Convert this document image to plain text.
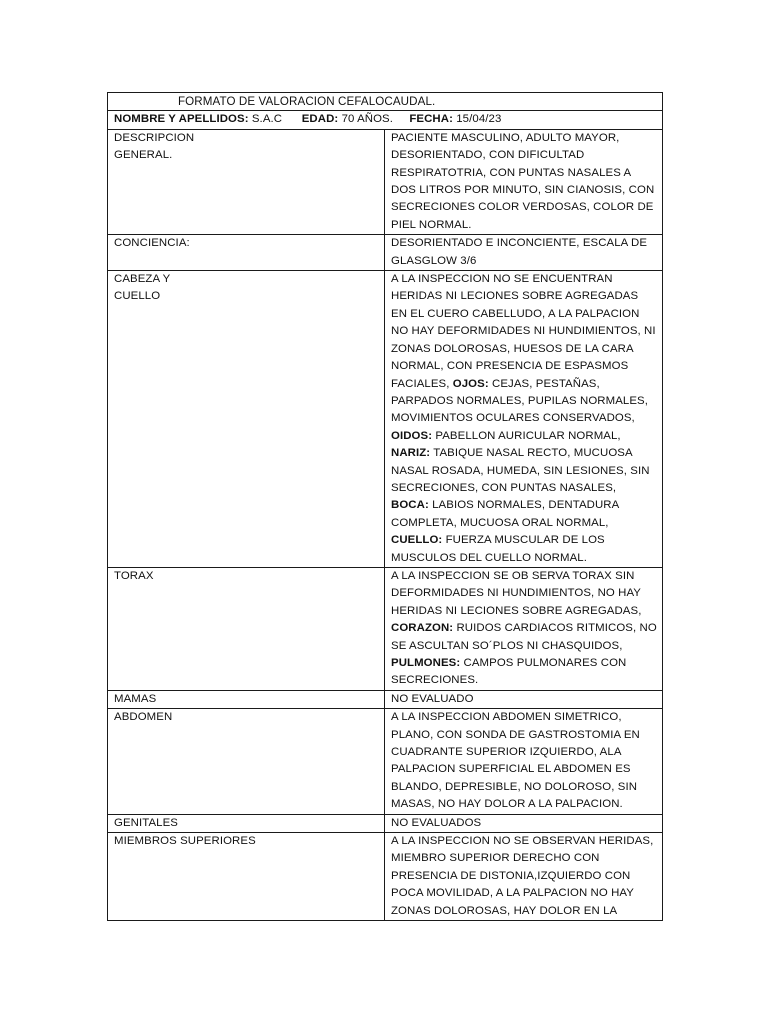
FORMATO DE VALORACION CEFALOCAUDAL.	
NOMBRE Y APELLIDOS: S.A.C EDAD: 70 AÑOS. FECHA: 15/04/23	
DESCRIPCION
GENERAL.	PACIENTE MASCULINO, ADULTO MAYOR, DESORIENTADO, CON DIFICULTAD RESPIRATOTRIA, CON PUNTAS NASALES A DOS LITROS POR MINUTO, SIN CIANOSIS, CON SECRECIONES COLOR VERDOSAS, COLOR DE PIEL NORMAL.
CONCIENCIA:	DESORIENTADO E INCONCIENTE, ESCALA DE GLASGLOW 3/6
CABEZA Y
CUELLO	A LA INSPECCION NO SE ENCUENTRAN HERIDAS NI LECIONES SOBRE AGREGADAS EN EL CUERO CABELLUDO, A LA PALPACION NO HAY DEFORMIDADES NI HUNDIMIENTOS, NI ZONAS DOLOROSAS, HUESOS DE LA CARA NORMAL, CON PRESENCIA DE ESPASMOS FACIALES, OJOS: CEJAS, PESTAÑAS, PARPADOS NORMALES, PUPILAS NORMALES, MOVIMIENTOS OCULARES CONSERVADOS, OIDOS: PABELLON AURICULAR NORMAL, NARIZ: TABIQUE NASAL RECTO, MUCUOSA NASAL ROSADA, HUMEDA, SIN LESIONES, SIN SECRECIONES, CON PUNTAS NASALES, BOCA: LABIOS NORMALES, DENTADURA COMPLETA, MUCUOSA ORAL NORMAL, CUELLO: FUERZA MUSCULAR DE LOS MUSCULOS DEL CUELLO NORMAL.
TORAX	A LA INSPECCION SE OB SERVA TORAX SIN DEFORMIDADES NI HUNDIMIENTOS, NO HAY HERIDAS NI LECIONES SOBRE AGREGADAS, CORAZON: RUIDOS CARDIACOS RITMICOS, NO SE ASCULTAN SO´PLOS NI CHASQUIDOS, PULMONES: CAMPOS PULMONARES CON SECRECIONES.
MAMAS	NO EVALUADO
ABDOMEN	A LA INSPECCION ABDOMEN SIMETRICO, PLANO, CON SONDA DE GASTROSTOMIA EN CUADRANTE SUPERIOR IZQUIERDO, ALA PALPACION SUPERFICIAL EL ABDOMEN ES BLANDO, DEPRESIBLE, NO DOLOROSO, SIN MASAS, NO HAY DOLOR A LA PALPACION.
GENITALES	NO EVALUADOS
MIEMBROS SUPERIORES	A LA INSPECCION NO SE OBSERVAN HERIDAS, MIEMBRO SUPERIOR DERECHO CON PRESENCIA DE DISTONIA,IZQUIERDO CON POCA MOVILIDAD, A LA PALPACION NO HAY ZONAS DOLOROSAS, HAY DOLOR EN LA
